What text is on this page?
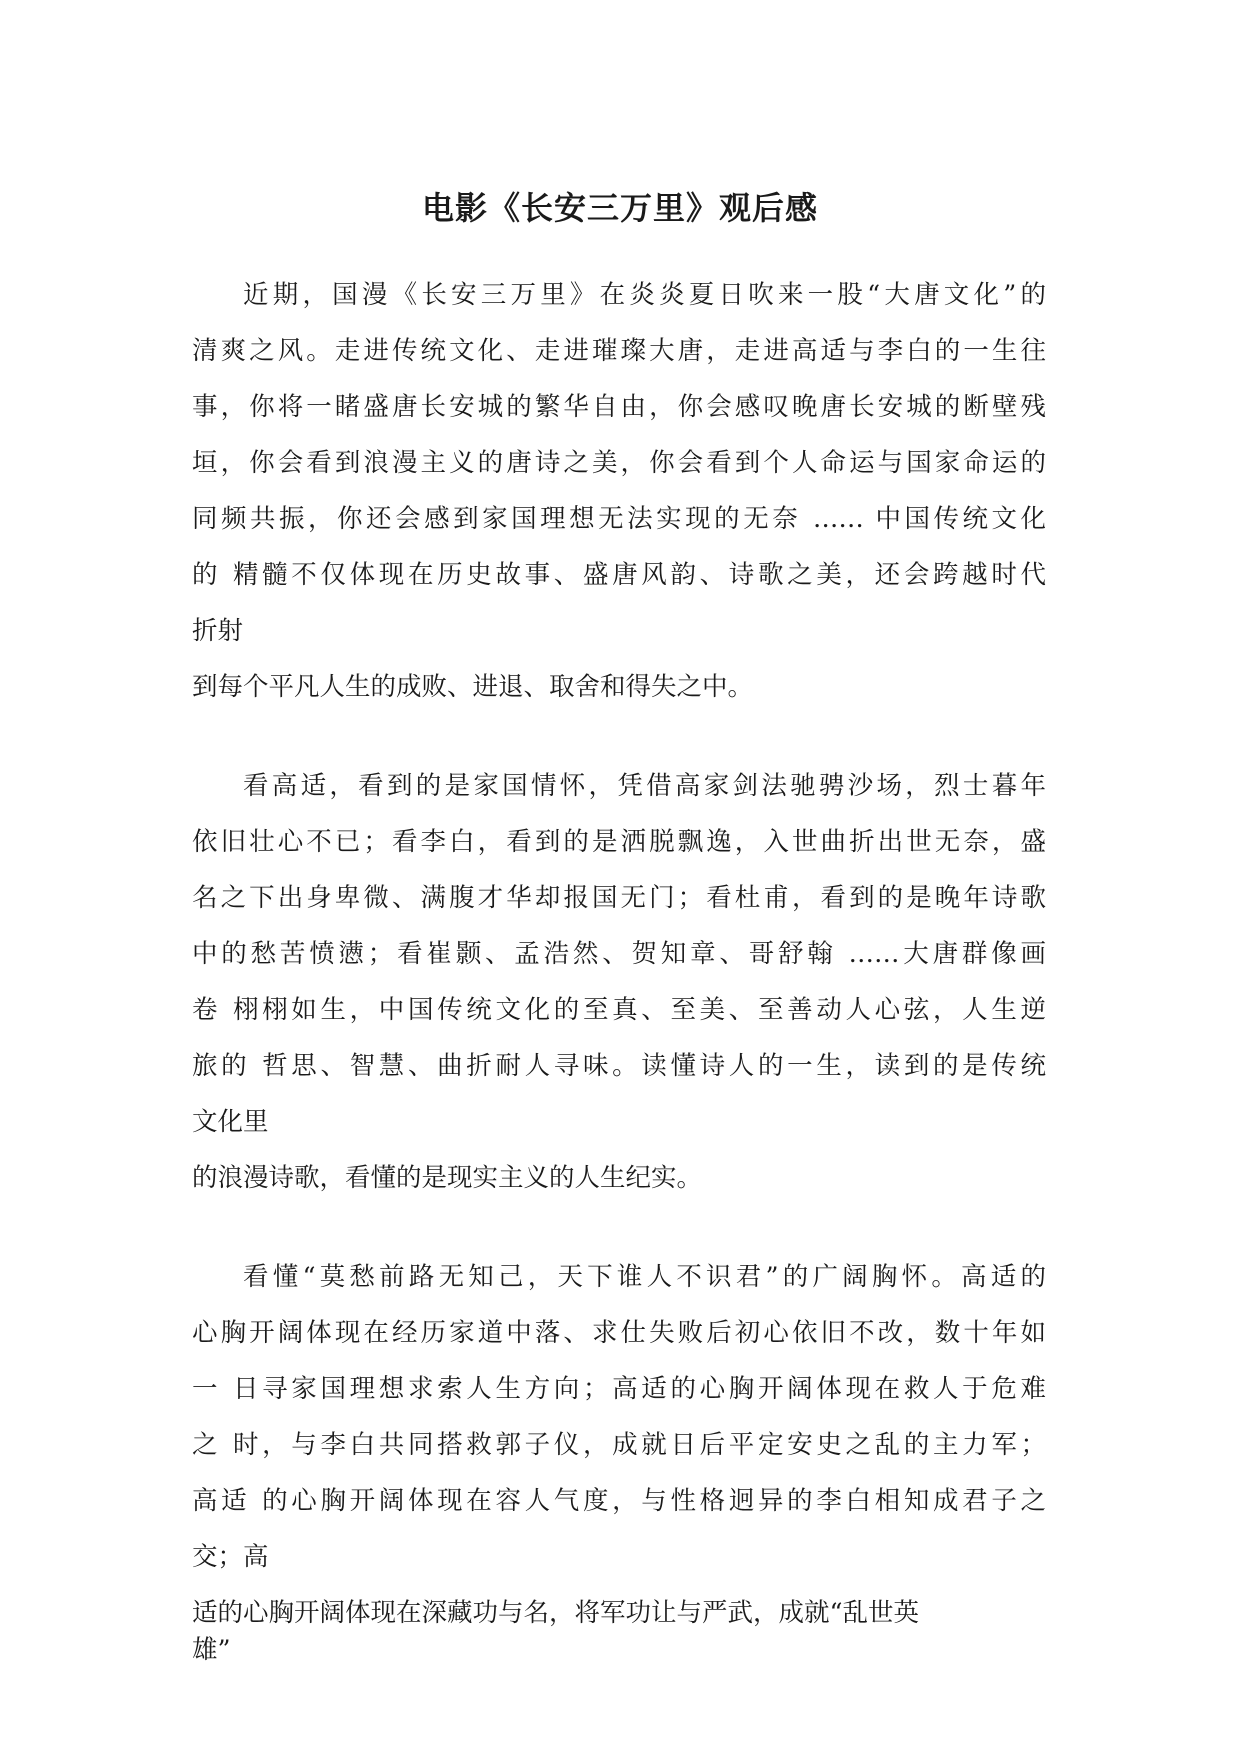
电影《长安三万里》观后感
近期，国漫《长安三万里》在炎炎夏日吹来一股“大唐文化”的
清爽之风。走进传统文化、走进璀璨大唐，走进高适与李白的一生往
事，你将一睹盛唐长安城的繁华自由，你会感叹晚唐长安城的断壁残
垣，你会看到浪漫主义的唐诗之美，你会看到个人命运与国家命运的
同频共振，你还会感到家国理想无法实现的无奈 …… 中国传统文化
的 精髓不仅体现在历史故事、盛唐风韵、诗歌之美，还会跨越时代
折射
到每个平凡人生的成败、进退、取舍和得失之中。
看高适，看到的是家国情怀，凭借高家剑法驰骋沙场，烈士暮年
依旧壮心不已；看李白，看到的是洒脱飘逸，入世曲折出世无奈，盛
名之下出身卑微、满腹才华却报国无门；看杜甫，看到的是晚年诗歌
中的愁苦愤懑；看崔颢、孟浩然、贺知章、哥舒翰 ……大唐群像画
卷 栩栩如生，中国传统文化的至真、至美、至善动人心弦，人生逆
旅的 哲思、智慧、曲折耐人寻味。读懂诗人的一生，读到的是传统
文化里
的浪漫诗歌，看懂的是现实主义的人生纪实。
看懂“莫愁前路无知己，天下谁人不识君”的广阔胸怀。高适的
心胸开阔体现在经历家道中落、求仕失败后初心依旧不改，数十年如
一 日寻家国理想求索人生方向；高适的心胸开阔体现在救人于危难
之 时，与李白共同搭救郭子仪，成就日后平定安史之乱的主力军；
高适 的心胸开阔体现在容人气度，与性格迥异的李白相知成君子之
交；高
适的心胸开阔体现在深藏功与名，将军功让与严武，成就“乱世英
雄”
